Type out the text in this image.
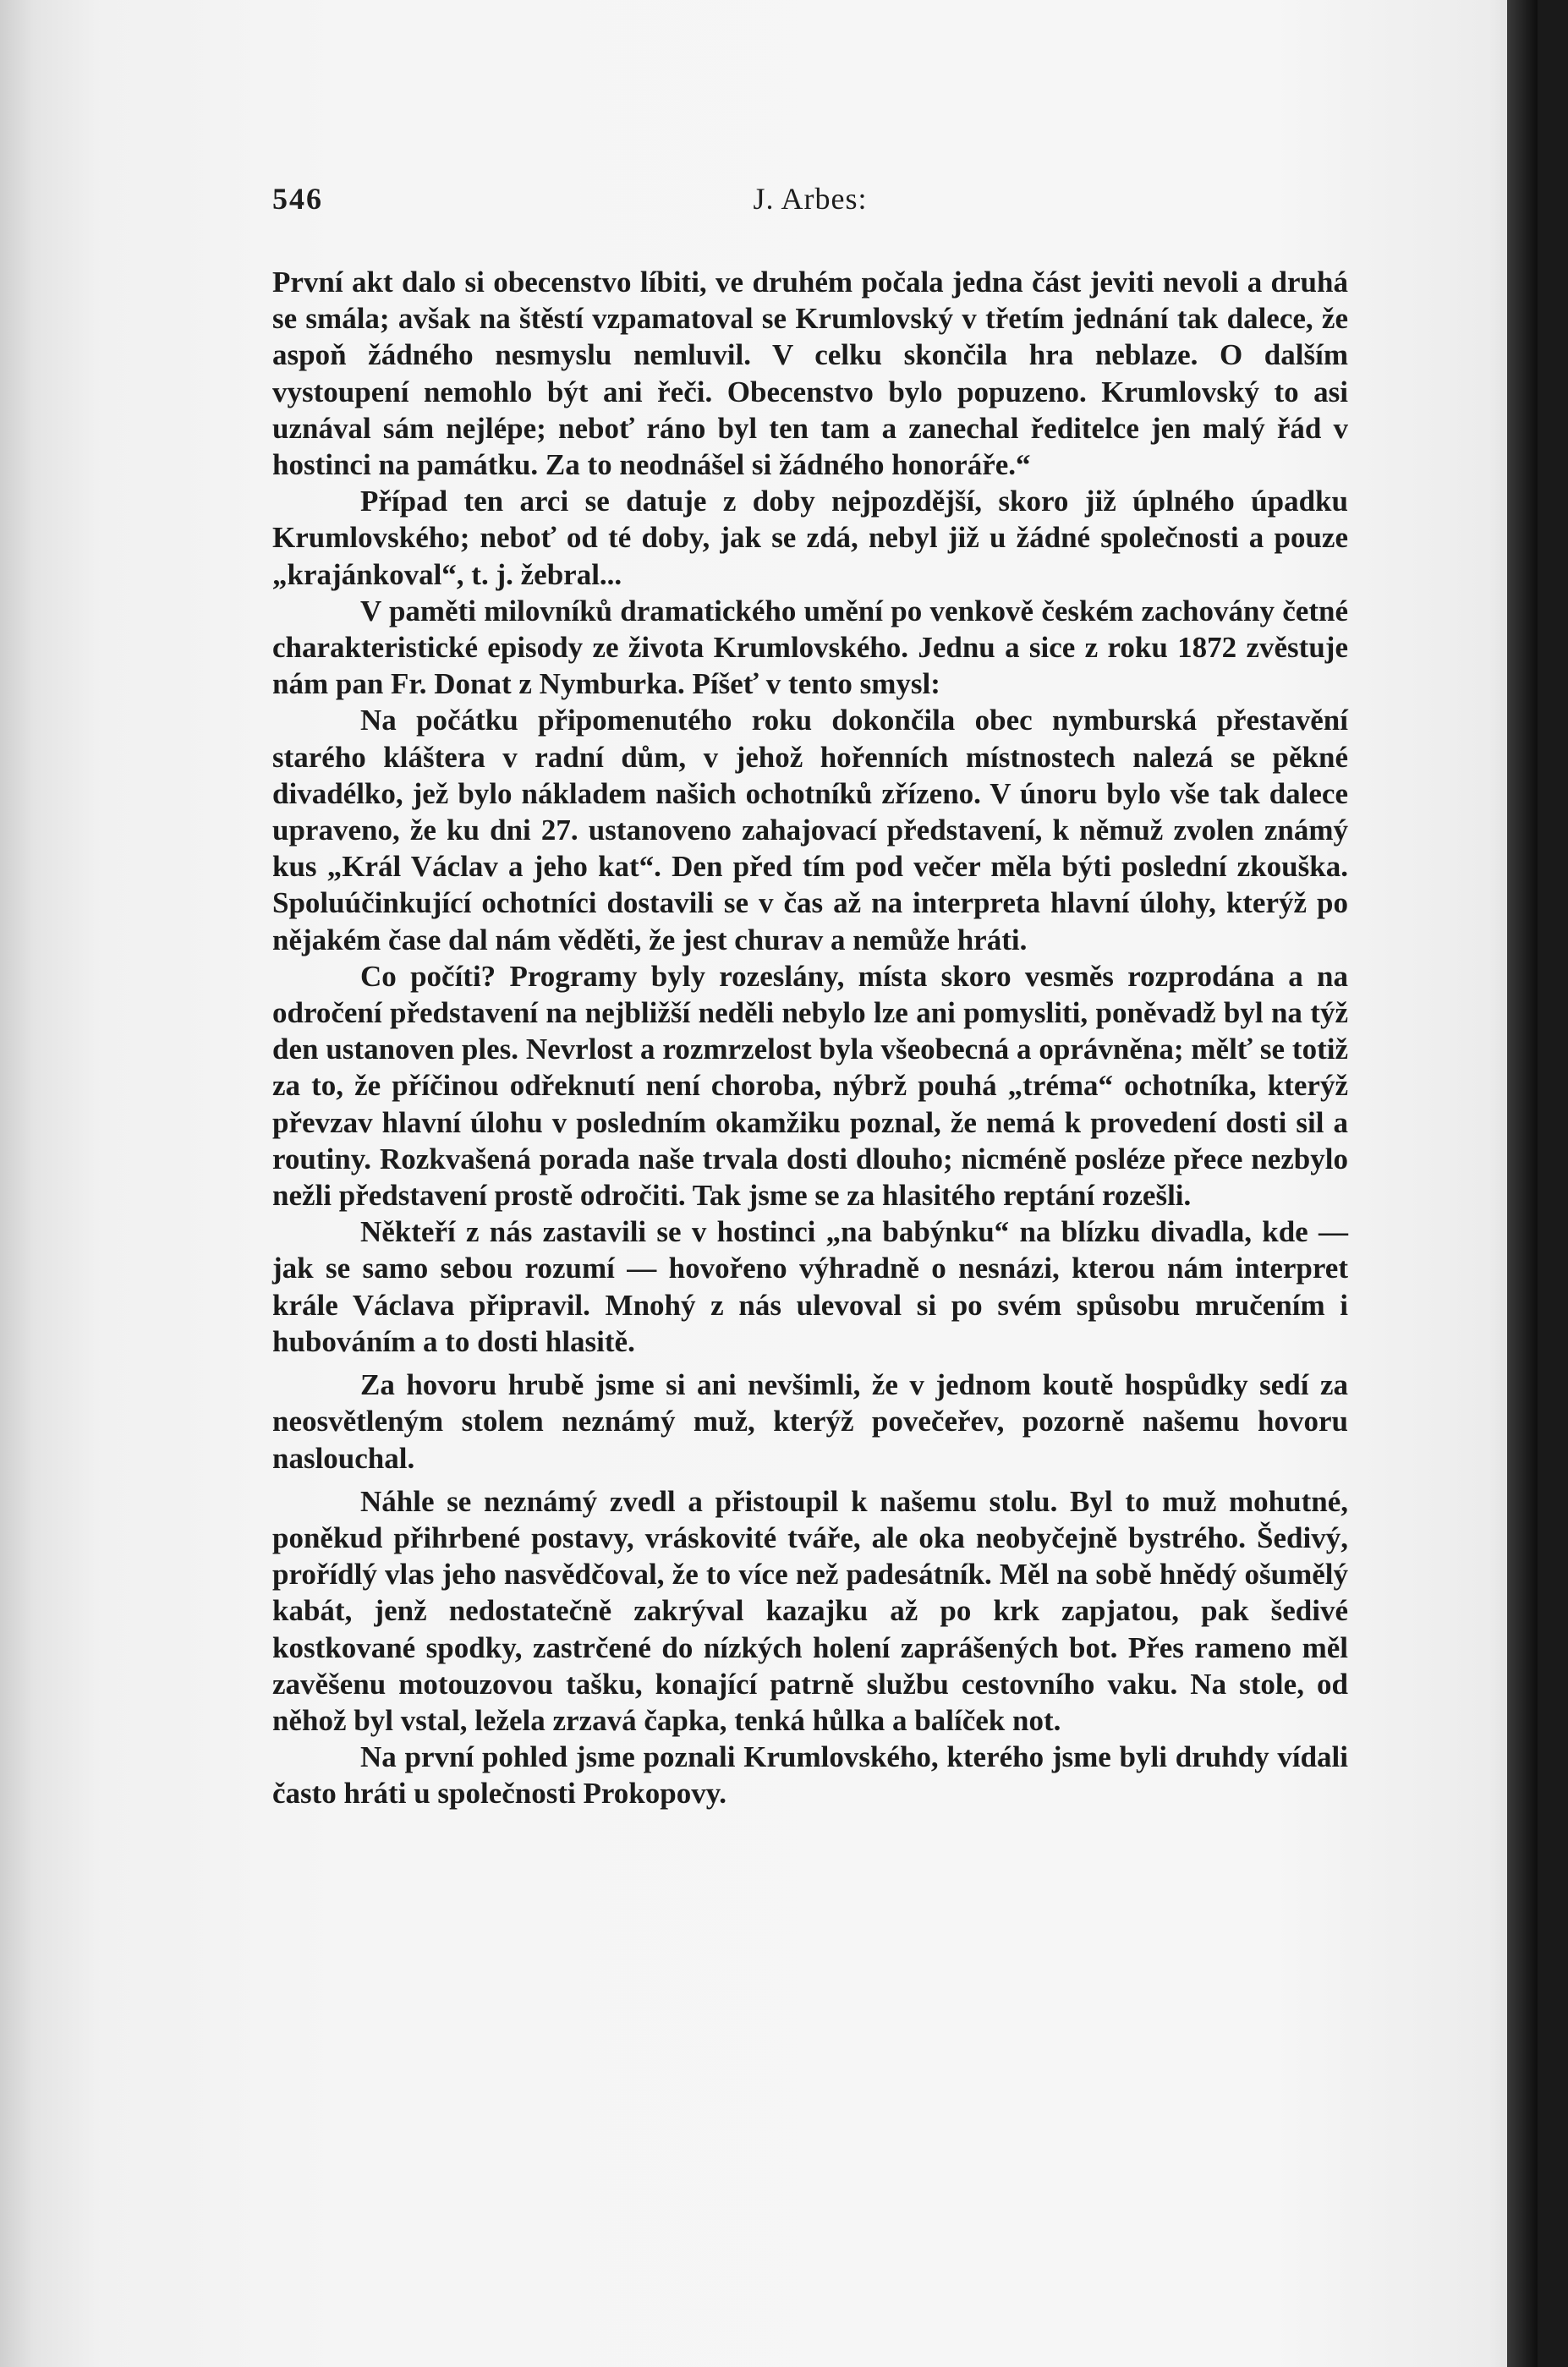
546	J. Arbes:

První akt dalo si obecenstvo líbiti, ve druhém počala jedna část jeviti nevoli a druhá se smála; avšak na štěstí vzpamatoval se Krumlovský v třetím jednání tak dalece, že aspoň žádného nesmyslu nemluvil. V celku skončila hra neblaze. O dalším vystoupení nemohlo být ani řeči. Obecenstvo bylo popuzeno. Krumlovský to asi uznával sám nejlépe; neboť ráno byl ten tam a zanechal ředitelce jen malý řád v hostinci na památku. Za to neodnášel si žádného honoráře.“

Případ ten arci se datuje z doby nejpozdější, skoro již úplného úpadku Krumlovského; neboť od té doby, jak se zdá, nebyl již u žádné společnosti a pouze „krajánkoval“, t. j. žebral...

V paměti milovníků dramatického umění po venkově českém zachovány četné charakteristické episody ze života Krumlovského. Jednu a sice z roku 1872 zvěstuje nám pan Fr. Donat z Nymburka. Píšeť v tento smysl:

Na počátku připomenutého roku dokončila obec nymburská přestavění starého kláštera v radní dům, v jehož hořenních místnostech nalezá se pěkné divadélko, jež bylo nákladem našich ochotníků zřízeno. V únoru bylo vše tak dalece upraveno, že ku dni 27. ustanoveno zahajovací představení, k němuž zvolen známý kus „Král Václav a jeho kat“. Den před tím pod večer měla býti poslední zkouška. Spoluúčinkující ochotníci dostavili se v čas až na interpreta hlavní úlohy, kterýž po nějakém čase dal nám věděti, že jest churav a nemůže hráti.

Co počíti? Programy byly rozeslány, místa skoro vesměs rozprodána a na odročení představení na nejbližší neděli nebylo lze ani pomysliti, poněvadž byl na týž den ustanoven ples. Nevrlost a rozmrzelost byla všeobecná a oprávněna; mělť se totiž za to, že příčinou odřeknutí není choroba, nýbrž pouhá „tréma“ ochotníka, kterýž převzav hlavní úlohu v posledním okamžiku poznal, že nemá k provedení dosti sil a routiny. Rozkvašená porada naše trvala dosti dlouho; nicméně posléze přece nezbylo nežli představení prostě odročiti. Tak jsme se za hlasitého reptání rozešli.

Někteří z nás zastavili se v hostinci „na babýnku“ na blízku divadla, kde — jak se samo sebou rozumí — hovořeno výhradně o nesnázi, kterou nám interpret krále Václava připravil. Mnohý z nás ulevoval si po svém spůsobu mručením i hubováním a to dosti hlasitě.

Za hovoru hrubě jsme si ani nevšimli, že v jednom koutě hospůdky sedí za neosvětleným stolem neznámý muž, kterýž povečeřev, pozorně našemu hovoru naslouchal.

Náhle se neznámý zvedl a přistoupil k našemu stolu. Byl to muž mohutné, poněkud přihrbené postavy, vráskovité tváře, ale oka neobyčejně bystrého. Šedivý, prořídlý vlas jeho nasvědčoval, že to více než padesátník. Měl na sobě hnědý ošumělý kabát, jenž nedostatečně zakrýval kazajku až po krk zapjatou, pak šedivé kostkované spodky, zastrčené do nízkých holení zaprášených bot. Přes rameno měl zavěšenu motouzovou tašku, konající patrně službu cestovního vaku. Na stole, od něhož byl vstal, ležela zrzavá čapka, tenká hůlka a balíček not.

Na první pohled jsme poznali Krumlovského, kterého jsme byli druhdy vídali často hráti u společnosti Prokopovy.
